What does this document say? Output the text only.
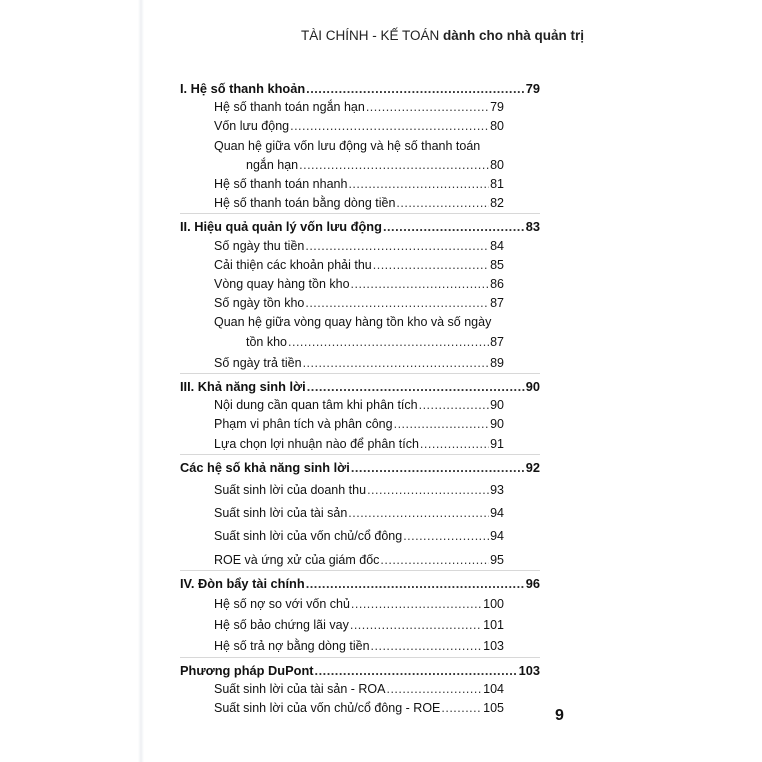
TÀI CHÍNH - KẾ TOÁN dành cho nhà quản trị
I. Hệ số thanh khoản .....	79
Hệ số thanh toán ngắn hạn .....	79
Vốn lưu động .....	80
Quan hệ giữa vốn lưu động và hệ số thanh toán
ngắn hạn .....	80
Hệ số thanh toán nhanh .....	81
Hệ số thanh toán bằng dòng tiền .....	82
II. Hiệu quả quản lý vốn lưu động .....	83
Số ngày thu tiền .....	84
Cải thiện các khoản phải thu .....	85
Vòng quay hàng tồn kho .....	86
Số ngày tồn kho .....	87
Quan hệ giữa vòng quay hàng tồn kho và số ngày
tồn kho .....	87
Số ngày trả tiền .....	89
III. Khả năng sinh lời .....	90
Nội dung cần quan tâm khi phân tích .....	90
Phạm vi phân tích và phân công .....	90
Lựa chọn lợi nhuận nào để phân tích .....	91
Các hệ số khả năng sinh lời .....	92
Suất sinh lời của doanh thu .....	93
Suất sinh lời của tài sản .....	94
Suất sinh lời của vốn chủ/cổ đông .....	94
ROE và ứng xử của giám đốc .....	95
IV. Đòn bẩy tài chính .....	96
Hệ số nợ so với vốn chủ .....	100
Hệ số bảo chứng lãi vay .....	101
Hệ số trả nợ bằng dòng tiền .....	103
Phương pháp DuPont .....	103
Suất sinh lời của tài sản - ROA .....	104
Suất sinh lời của vốn chủ/cổ đông - ROE .....	105	9
